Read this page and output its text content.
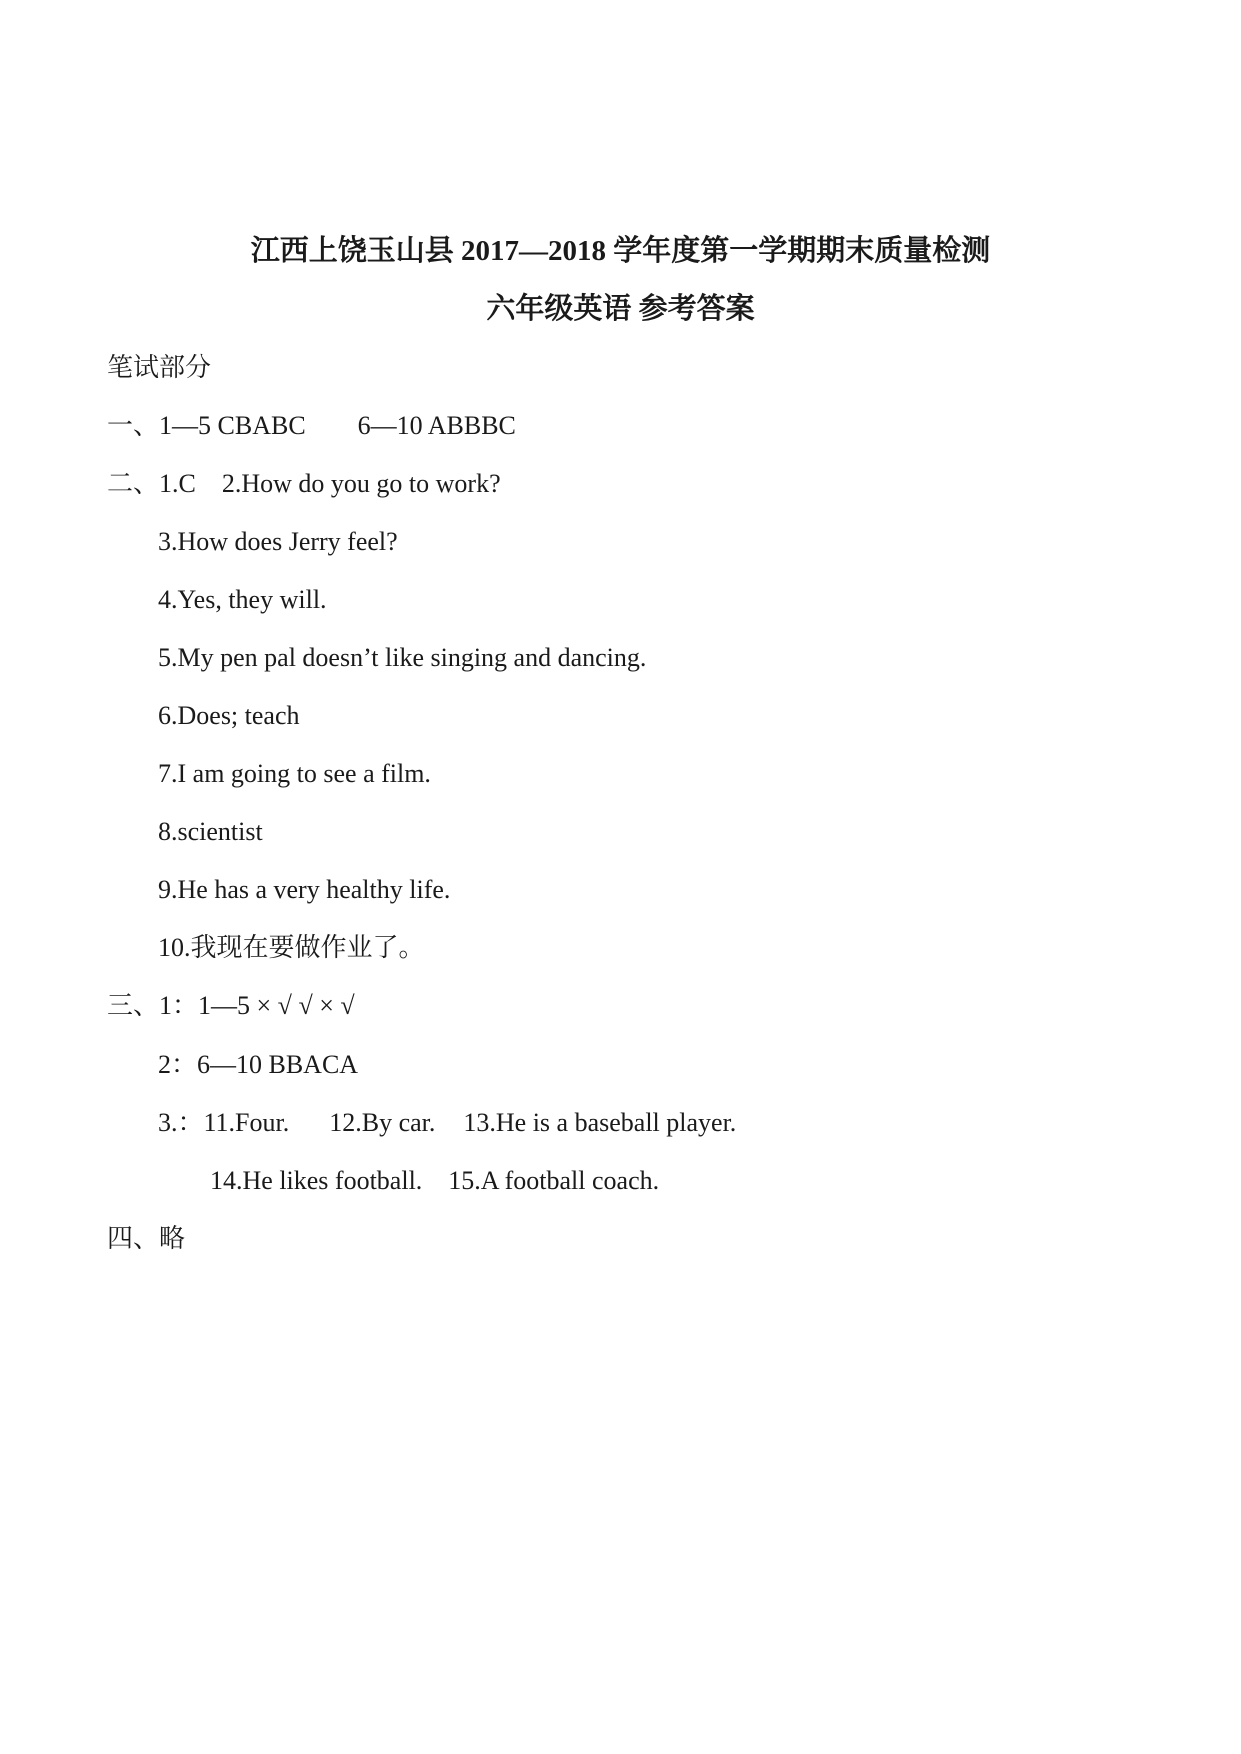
江西上饶玉山县 2017—2018 学年度第一学期期末质量检测
六年级英语 参考答案
笔试部分
一、1—5 CBABC 6—10 ABBBC
二、1.C 2.How do you go to work?
3.How does Jerry feel?
4.Yes, they will.
5.My pen pal doesn’t like singing and dancing.
6.Does; teach
7.I am going to see a film.
8.scientist
9.He has a very healthy life.
10.我现在要做作业了。
三、1：1—5 × √ √ × √
2：6—10 BBACA
3.：11.Four. 12.By car. 13.He is a baseball player.
14.He likes football. 15.A football coach.
四、略
